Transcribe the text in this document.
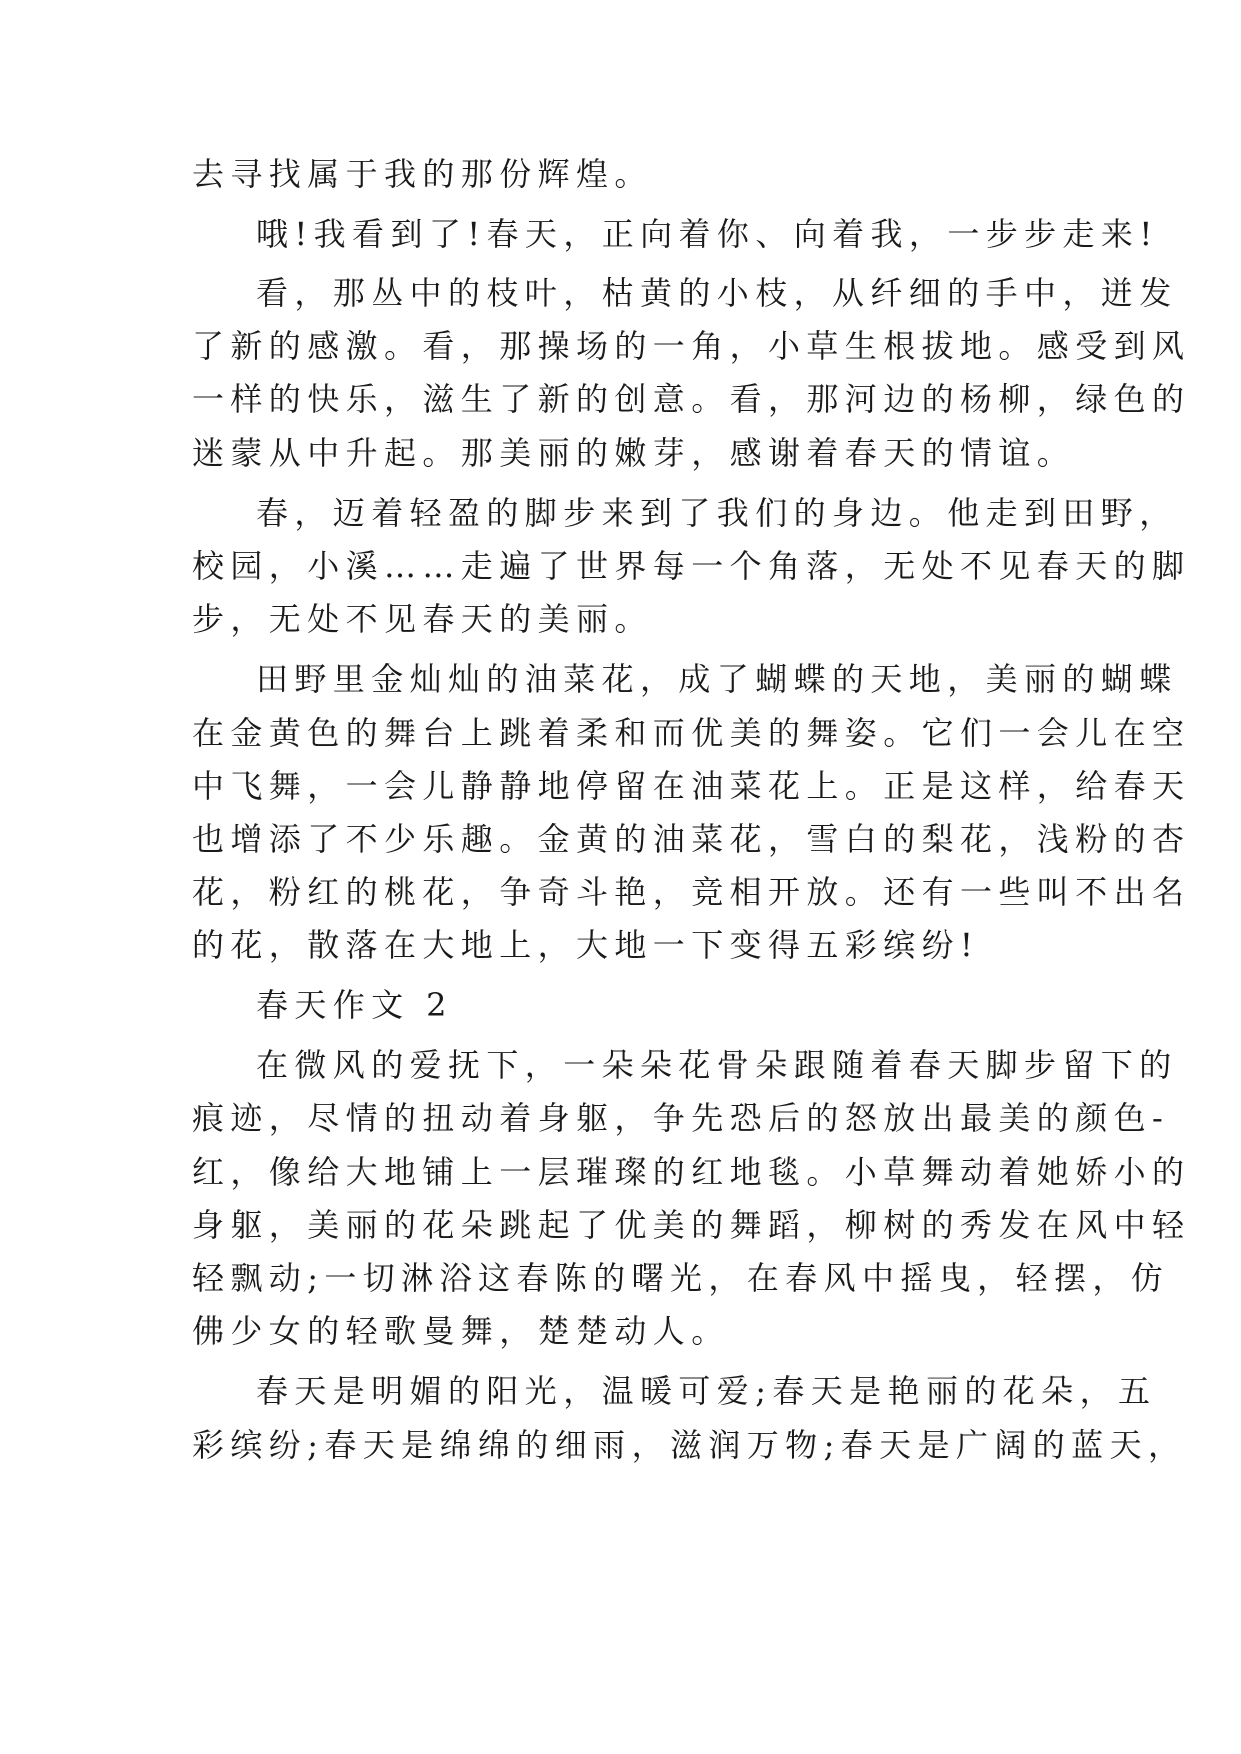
去寻找属于我的那份辉煌。
哦!我看到了!春天，正向着你、向着我，一步步走来!
看，那丛中的枝叶，枯黄的小枝，从纤细的手中，迸发
了新的感激。看，那操场的一角，小草生根拔地。感受到风
一样的快乐，滋生了新的创意。看，那河边的杨柳，绿色的
迷蒙从中升起。那美丽的嫩芽，感谢着春天的情谊。
春，迈着轻盈的脚步来到了我们的身边。他走到田野，
校园，小溪……走遍了世界每一个角落，无处不见春天的脚
步，无处不见春天的美丽。
田野里金灿灿的油菜花，成了蝴蝶的天地，美丽的蝴蝶
在金黄色的舞台上跳着柔和而优美的舞姿。它们一会儿在空
中飞舞，一会儿静静地停留在油菜花上。正是这样，给春天
也增添了不少乐趣。金黄的油菜花，雪白的梨花，浅粉的杏
花，粉红的桃花，争奇斗艳，竞相开放。还有一些叫不出名
的花，散落在大地上，大地一下变得五彩缤纷!
春天作文 2
在微风的爱抚下，一朵朵花骨朵跟随着春天脚步留下的
痕迹，尽情的扭动着身躯，争先恐后的怒放出最美的颜色-
红，像给大地铺上一层璀璨的红地毯。小草舞动着她娇小的
身躯，美丽的花朵跳起了优美的舞蹈，柳树的秀发在风中轻
轻飘动;一切淋浴这春陈的曙光，在春风中摇曳，轻摆，仿
佛少女的轻歌曼舞，楚楚动人。
春天是明媚的阳光，温暖可爱;春天是艳丽的花朵，五
彩缤纷;春天是绵绵的细雨，滋润万物;春天是广阔的蓝天，
